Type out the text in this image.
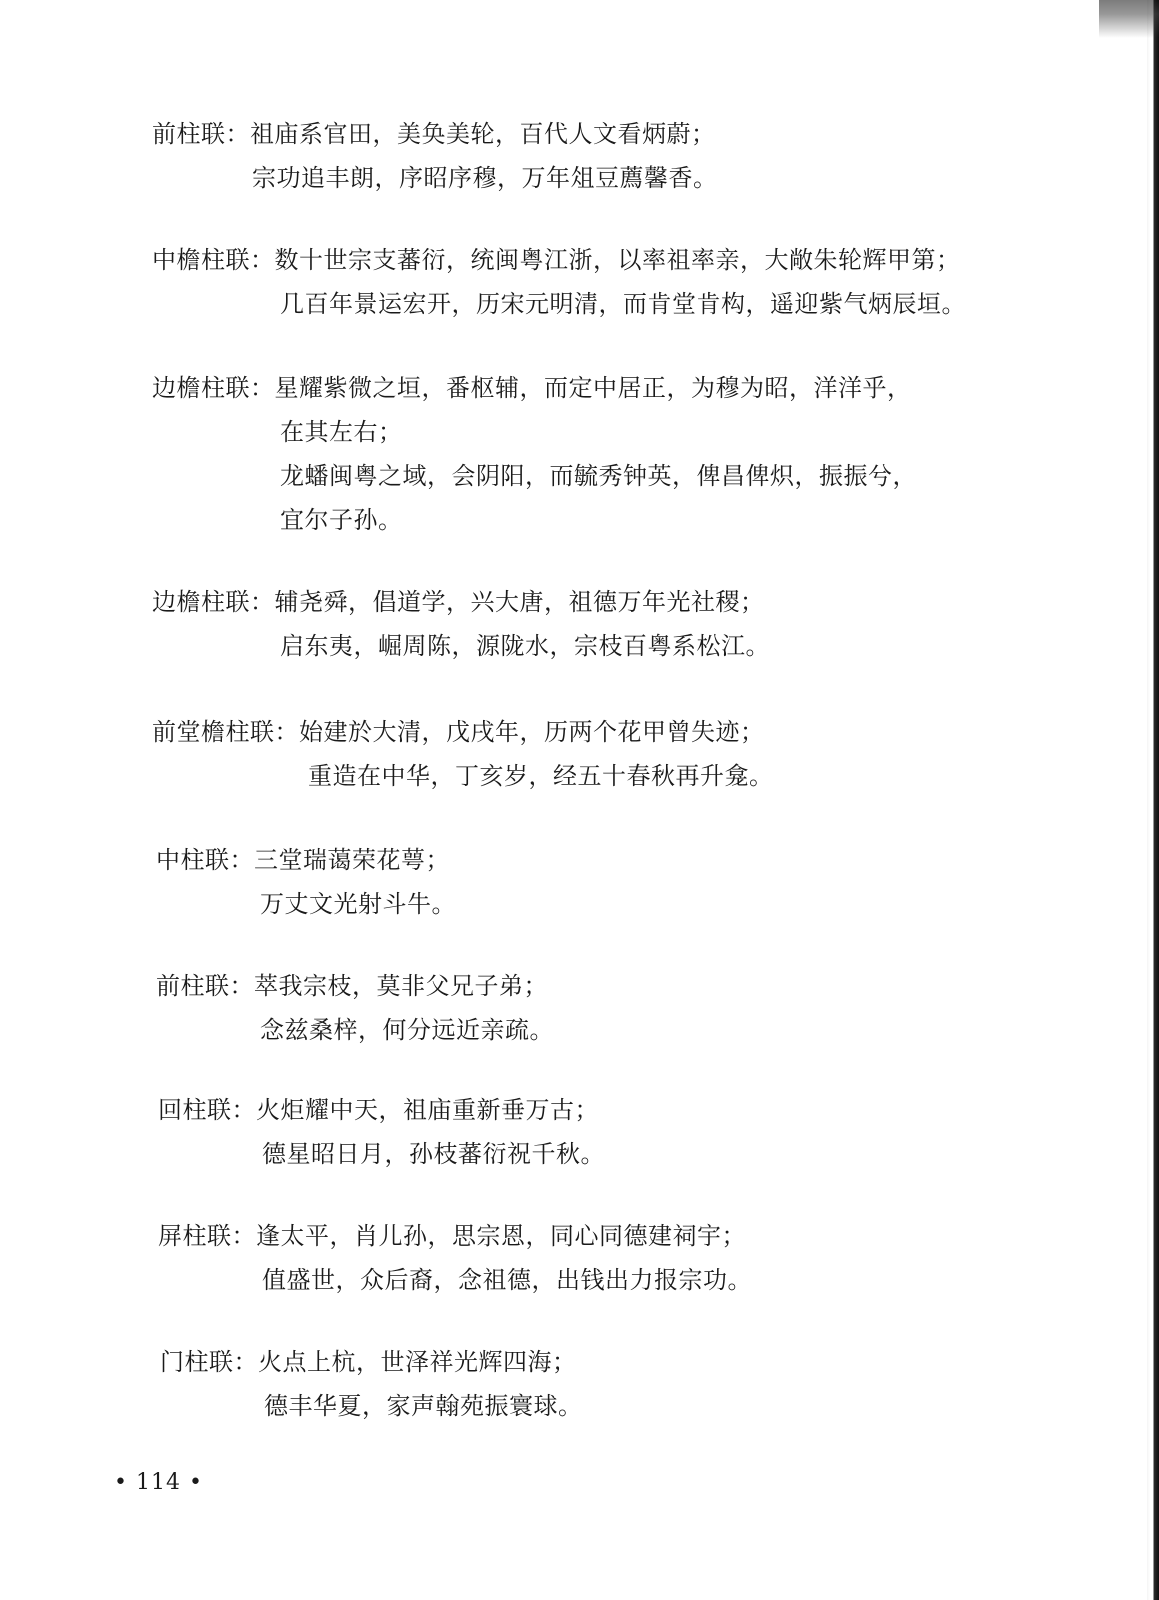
前柱联：祖庙系官田，美奂美轮，百代人文看炳蔚；
宗功追丰朗，序昭序穆，万年俎豆薦馨香。
中檐柱联：数十世宗支蕃衍，统闽粤江浙，以率祖率亲，大敞朱轮辉甲第；
几百年景运宏开，历宋元明清，而肯堂肯构，遥迎紫气炳辰垣。
边檐柱联：星耀紫微之垣，番枢辅，而定中居正，为穆为昭，洋洋乎，
在其左右；
龙蟠闽粤之域，会阴阳，而毓秀钟英，俾昌俾炽，振振兮，
宜尔子孙。
边檐柱联：辅尧舜，倡道学，兴大唐，祖德万年光社稷；
启东夷，崛周陈，源陇水，宗枝百粤系松江。
前堂檐柱联：始建於大清，戊戌年，历两个花甲曾失迹；
重造在中华，丁亥岁，经五十春秋再升龛。
中柱联：三堂瑞蔼荣花萼；
万丈文光射斗牛。
前柱联：萃我宗枝，莫非父兄子弟；
念兹桑梓，何分远近亲疏。
回柱联：火炬耀中天，祖庙重新垂万古；
德星昭日月，孙枝蕃衍祝千秋。
屏柱联：逢太平，肖儿孙，思宗恩，同心同德建祠宇；
值盛世，众后裔，念祖德，出钱出力报宗功。
门柱联：火点上杭，世泽祥光辉四海；
德丰华夏，家声翰苑振寰球。
• 114 •
